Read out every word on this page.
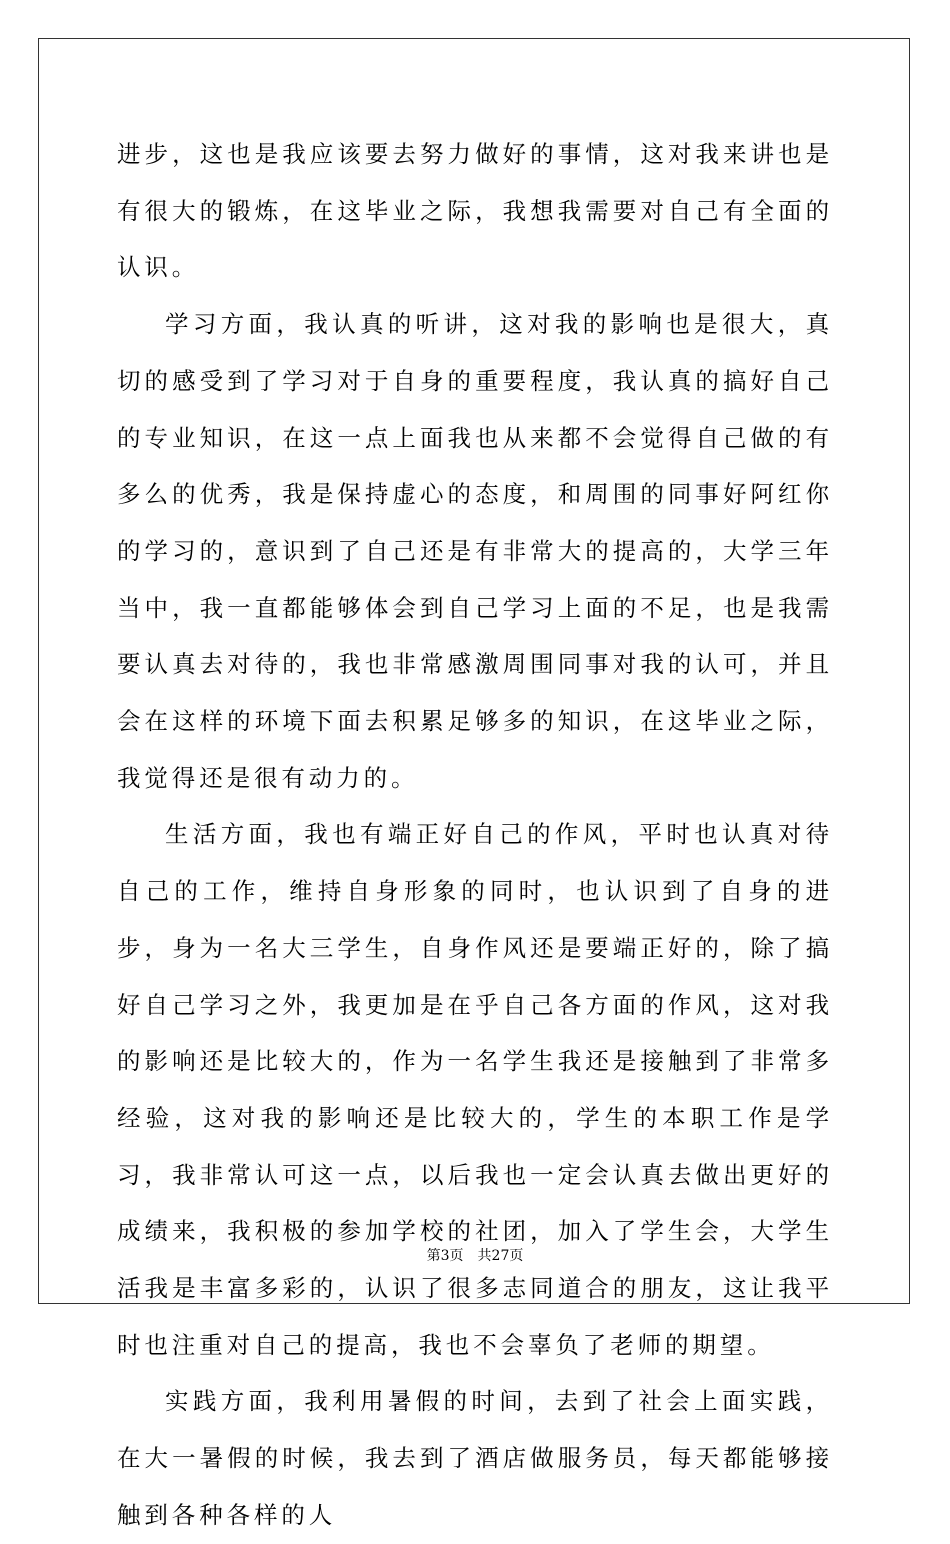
进步，这也是我应该要去努力做好的事情，这对我来讲也是有很大的锻炼，在这毕业之际，我想我需要对自己有全面的认识。

学习方面，我认真的听讲，这对我的影响也是很大，真切的感受到了学习对于自身的重要程度，我认真的搞好自己的专业知识，在这一点上面我也从来都不会觉得自己做的有多么的优秀，我是保持虚心的态度，和周围的同事好阿红你的学习的，意识到了自己还是有非常大的提高的，大学三年当中，我一直都能够体会到自己学习上面的不足，也是我需要认真去对待的，我也非常感激周围同事对我的认可，并且会在这样的环境下面去积累足够多的知识，在这毕业之际，我觉得还是很有动力的。

生活方面，我也有端正好自己的作风，平时也认真对待自己的工作，维持自身形象的同时，也认识到了自身的进步，身为一名大三学生，自身作风还是要端正好的，除了搞好自己学习之外，我更加是在乎自己各方面的作风，这对我的影响还是比较大的，作为一名学生我还是接触到了非常多经验，这对我的影响还是比较大的，学生的本职工作是学习，我非常认可这一点，以后我也一定会认真去做出更好的成绩来，我积极的参加学校的社团，加入了学生会，大学生活我是丰富多彩的，认识了很多志同道合的朋友，这让我平时也注重对自己的提高，我也不会辜负了老师的期望。

实践方面，我利用暑假的时间，去到了社会上面实践，在大一暑假的时候，我去到了酒店做服务员，每天都能够接触到各种各样的人

第3页 共27页
